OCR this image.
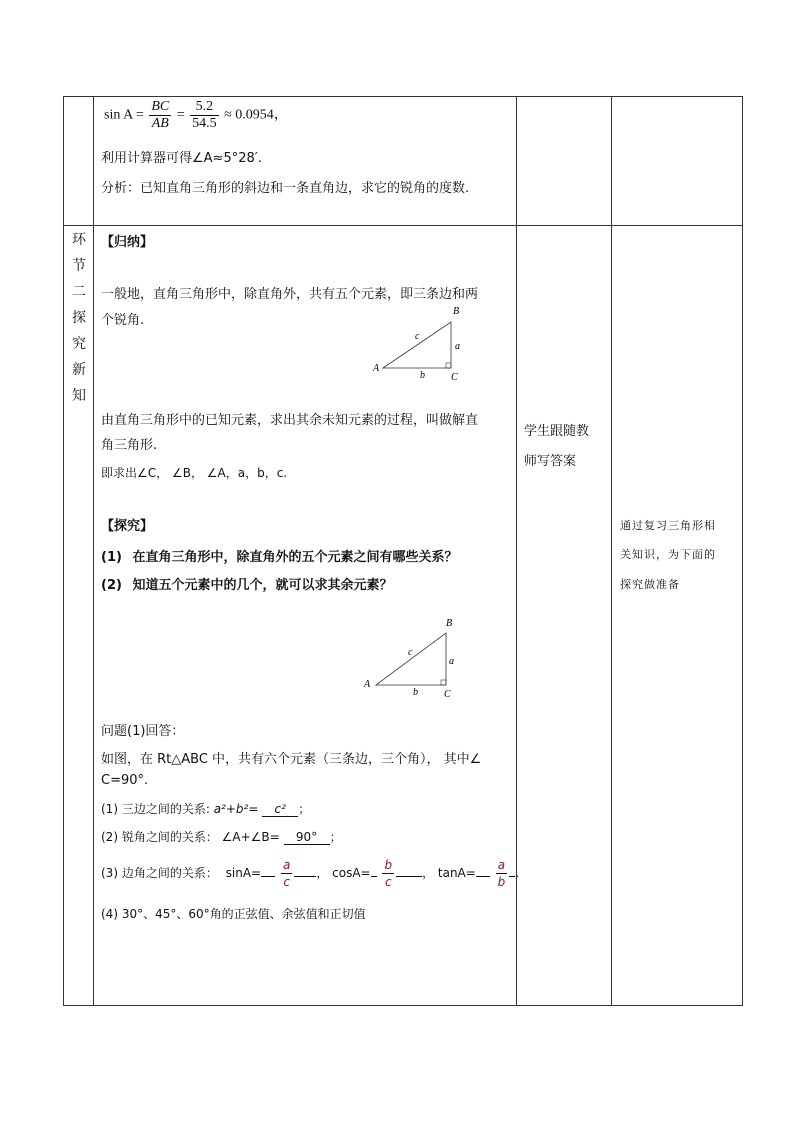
$\sin A = \frac{BC}{AB} = \frac{5.2}{54.5} \approx 0.0954$，
利用计算器可得∠A≈5°28′.
分析：已知直角三角形的斜边和一条直角边，求它的锐角的度数.
环
节
二
探
究
新
知
【归纳】
一般地，直角三角形中，除直角外，共有五个元素，即三条边和两
个锐角.
A
B
C
a
b
c
由直角三角形中的已知元素，求出其余未知元素的过程，叫做解直
角三角形.
即求出∠C， ∠B， ∠A，a，b，c.
【探究】
(1) 在直角三角形中，除直角外的五个元素之间有哪些关系？
(2) 知道五个元素中的几个，就可以求其余元素？
A
B
C
a
b
c
问题(1)回答：
如图，在 Rt△ABC 中，共有六个元素（三条边，三个角）， 其中∠
C=90°.
(1) 三边之间的关系: a²+b²= c² ；
(2) 锐角之间的关系： ∠A+∠B= 90° ；
(3) 边角之间的关系： $\sin A= \frac{a}{c}$ ， $\cos A= \frac{b}{c}$ ， $\tan A= \frac{a}{b}$ .
(4) 30°、45°、60°角的正弦值、余弦值和正切值
学生跟随教
师写答案
通过复习三角形相
关知识，为下面的
探究做准备
